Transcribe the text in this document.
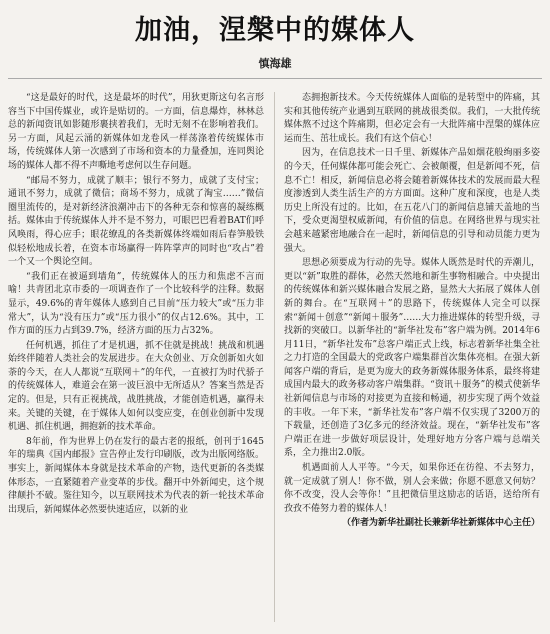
加油，涅槃中的媒体人
慎海雄

“这是最好的时代，这是最坏的时代”，用狄更斯这句名言形容当下中国传媒业，或许是贴切的。一方面，信息爆炸，林林总总的新闻资讯如影随形裹挟着我们，无时无刻不在影响着我们。另一方面，风起云涌的新媒体如龙卷风一样荡涤着传统媒体市场，传统媒体人第一次感到了市场和资本的力量叠加，连同舆论场的媒体人都不得不声嘶地考虑何以生存问题。

“邮局不努力，成就了顺丰；银行不努力，成就了支付宝；通讯不努力，成就了微信；商场不努力，成就了淘宝……”微信圈里流传的，是对新经济浪潮冲击下的各种无奈和惊喜的凝练概括。媒体由于传统媒体人并不是不努力，可眼巴巴看着BAT们呼风唤雨，得心应手；眼花缭乱的各类新媒体终端如雨后春笋般铁似轻松地成长着，在资本市场赢得一阵阵掌声的同时也“攻占”着一个又一个舆论空间。

“我们正在被逼到墙角”，传统媒体人的压力和焦虑不言而喻！共青团北京市委的一项调查作了一个比较科学的注释。数据显示，49.6%的青年媒体人感到自己目前“压力较大”或“压力非常大”，认为“没有压力”或“压力很小”的仅占12.6%。其中，工作方面的压力占到39.7%，经济方面的压力占32%。

任何机遇，抓住了才是机遇，抓不住就是挑战！挑战和机遇始终伴随着人类社会的发展进步。在大众创业、万众创新如火如荼的今天，在人人都说“互联网＋”的年代，一直被打为时代骄子的传统媒体人，难道会在第一波巨浪中无所适从？答案当然是否定的。但是，只有正视挑战，战胜挑战，才能创造机遇，赢得未来。关键的关键，在于媒体人如何以变应变，在创业创新中发现机遇、抓住机遇，拥抱新的技术革命。

8年前，作为世界上仍在发行的最古老的报纸，创刊于1645年的瑞典《国内邮报》宣告停止发行印刷版，改为出版网络版。事实上，新闻媒体本身就是技术革命的产物，迭代更新的各类媒体形态，一直紧随着产业变革的步伐。翻开中外新闻史，这个规律颠扑不破。鉴往知今，以互联网技术为代表的新一轮技术革命出现后，新闻媒体必然要快速适应，以新的业

态拥抱新技术。今天传统媒体人面临的是转型中的阵痛，其实和其他传统产业遇到互联网的挑战很类似。我们，一大批传统媒体熬不过这个阵痛期，但必定会有一大批阵痛中涅槃的媒体应运而生、茁壮成长。我们有这个信心！

因为，在信息技术一日千里、新媒体产品如烟花般绚丽多姿的今天，任何媒体都可能会死亡、会被颠覆，但是新闻不死，信息不亡！相反，新闻信息必将会随着新媒体技术的发展而最大程度渗透到人类生活生产的方方面面。这种广度和深度，也是人类历史上所没有过的。比如，在五花八门的新闻信息铺天盖地的当下，受众更渴望权威新闻，有价值的信息。在网络世界与现实社会越来越紧密地融合在一起时，新闻信息的引导和动员能力更为强大。

思想必须要成为行动的先导。媒体人既然是时代的弄潮儿，更以“新”取胜的群体，必然天然地和新生事物相融合。中央提出的传统媒体和新兴媒体融合发展之路，显然大大拓展了媒体人创新的舞台。在“互联网＋”的思路下，传统媒体人完全可以探索“新闻＋创意”“新闻＋服务”……大力推进媒体的转型升级，寻找新的突破口。以新华社的“新华社发布”客户端为例。2014年6月11日，“新华社发布”总客户端正式上线，标志着新华社集全社之力打造的全国最大的党政客户端集群首次集体亮相。在强大新闻客户端的背后，是更为庞大的政务新媒体服务体系，最终将建成国内最大的政务移动客户端集群。“资讯＋服务”的模式使新华社新闻信息与市场的对接更为直接和畅通，初步实现了两个效益的丰收。一年下来，“新华社发布”客户端不仅实现了3200万的下载量，还创造了3亿多元的经济效益。现在，“新华社发布”客户端正在进一步做好项层设计，处理好地方分客户端与总端关系，全力推出2.0版。

机遇面前人人平等。“今天，如果你还在彷徨、不去努力，就一定成就了别人！你不做，别人会来做；你愿不愿意又何妨？你不改变，没人会等你！”且把微信里这励志的话语，送给所有孜孜不倦努力着的媒体人！

（作者为新华社副社长兼新华社新媒体中心主任）
